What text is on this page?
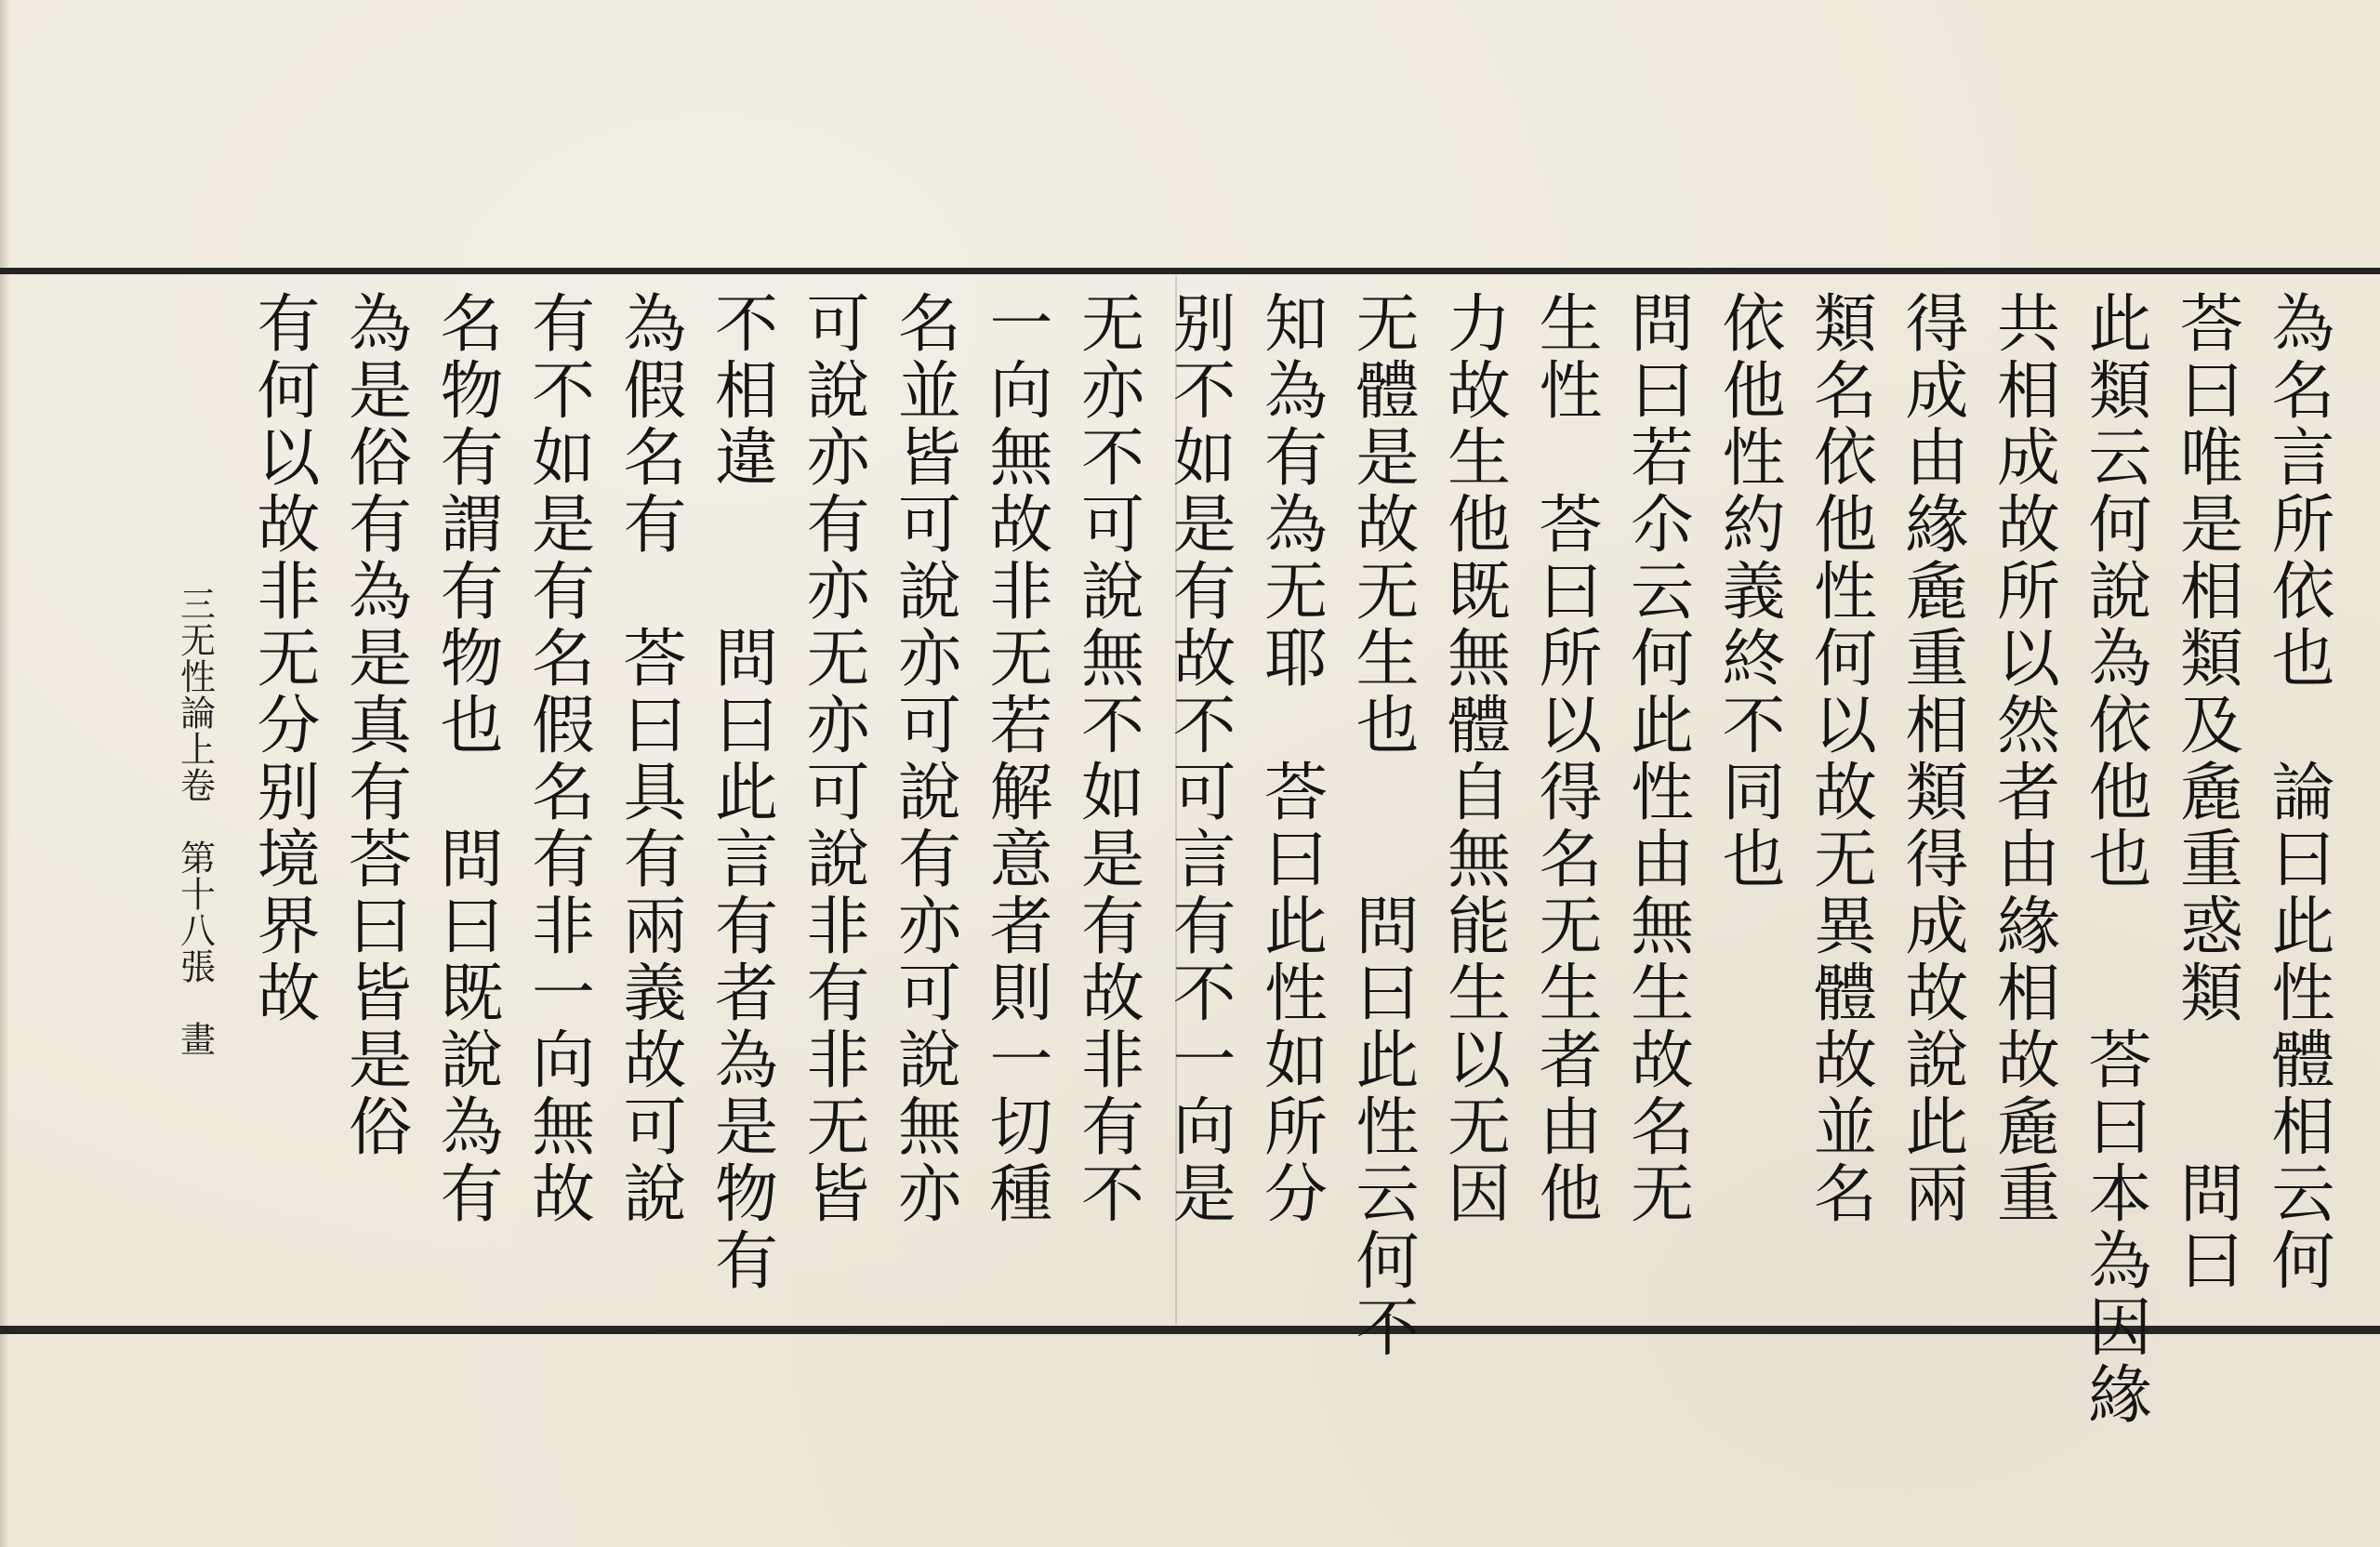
為名言所依也　論曰此性體相云何
荅曰唯是相類及麁重惑類　　問曰
此類云何說為依他也　　荅曰本為因緣
共相成故所以然者由緣相故麁重
得成由緣麁重相類得成故說此兩
類名依他性何以故无異體故並名
依他性約義終不同也
問曰若尒云何此性由無生故名无
生性　荅曰所以得名无生者由他
力故生他既無體自無能生以无因
无體是故无生也　　問曰此性云何不
知為有為无耶　荅曰此性如所分
别不如是有故不可言有不一向是
无亦不可說無不如是有故非有不
一向無故非无若解意者則一切種
名並皆可說亦可說有亦可說無亦
可說亦有亦无亦可說非有非无皆
不相違　　問曰此言有者為是物有
為假名有　荅曰具有兩義故可說
有不如是有名假名有非一向無故
名物有謂有物也　問曰既說為有
為是俗有為是真有荅曰皆是俗
有何以故非无分别境界故
三无性論上卷　第十八張　畫
